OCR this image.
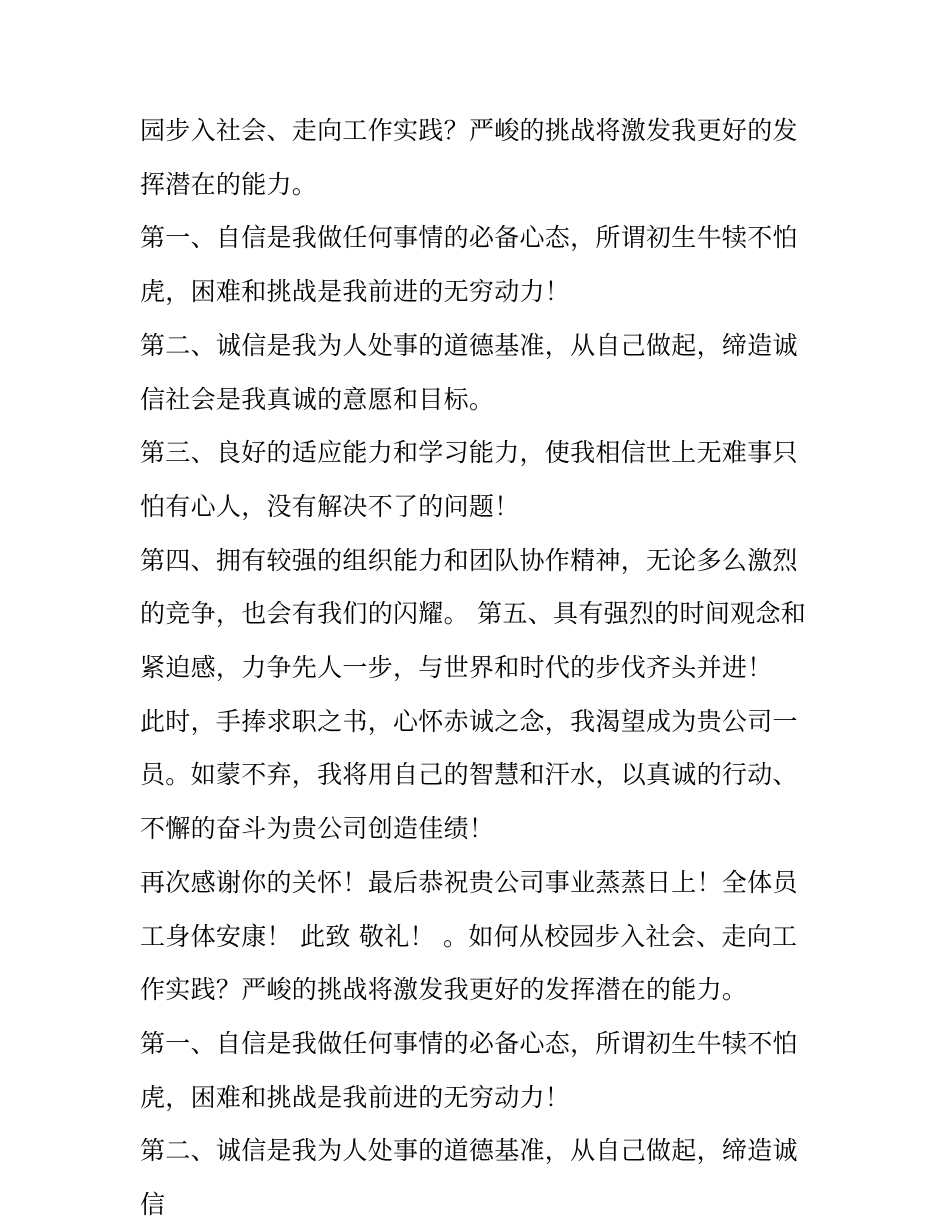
园步入社会、走向工作实践？严峻的挑战将激发我更好的发挥潜在的能力。

第一、自信是我做任何事情的必备心态，所谓初生牛犊不怕虎，困难和挑战是我前进的无穷动力！

第二、诚信是我为人处事的道德基准，从自己做起，缔造诚信社会是我真诚的意愿和目标。

第三、良好的适应能力和学习能力，使我相信世上无难事只怕有心人，没有解决不了的问题！

第四、拥有较强的组织能力和团队协作精神，无论多么激烈的竞争，也会有我们的闪耀。 第五、具有强烈的时间观念和紧迫感，力争先人一步，与世界和时代的步伐齐头并进！

此时，手捧求职之书，心怀赤诚之念，我渴望成为贵公司一员。如蒙不弃，我将用自己的智慧和汗水，以真诚的行动、不懈的奋斗为贵公司创造佳绩！

再次感谢你的关怀！最后恭祝贵公司事业蒸蒸日上！全体员工身体安康！ 此致 敬礼！ 。如何从校园步入社会、走向工作实践？严峻的挑战将激发我更好的发挥潜在的能力。

第一、自信是我做任何事情的必备心态，所谓初生牛犊不怕虎，困难和挑战是我前进的无穷动力！

第二、诚信是我为人处事的道德基准，从自己做起，缔造诚信
